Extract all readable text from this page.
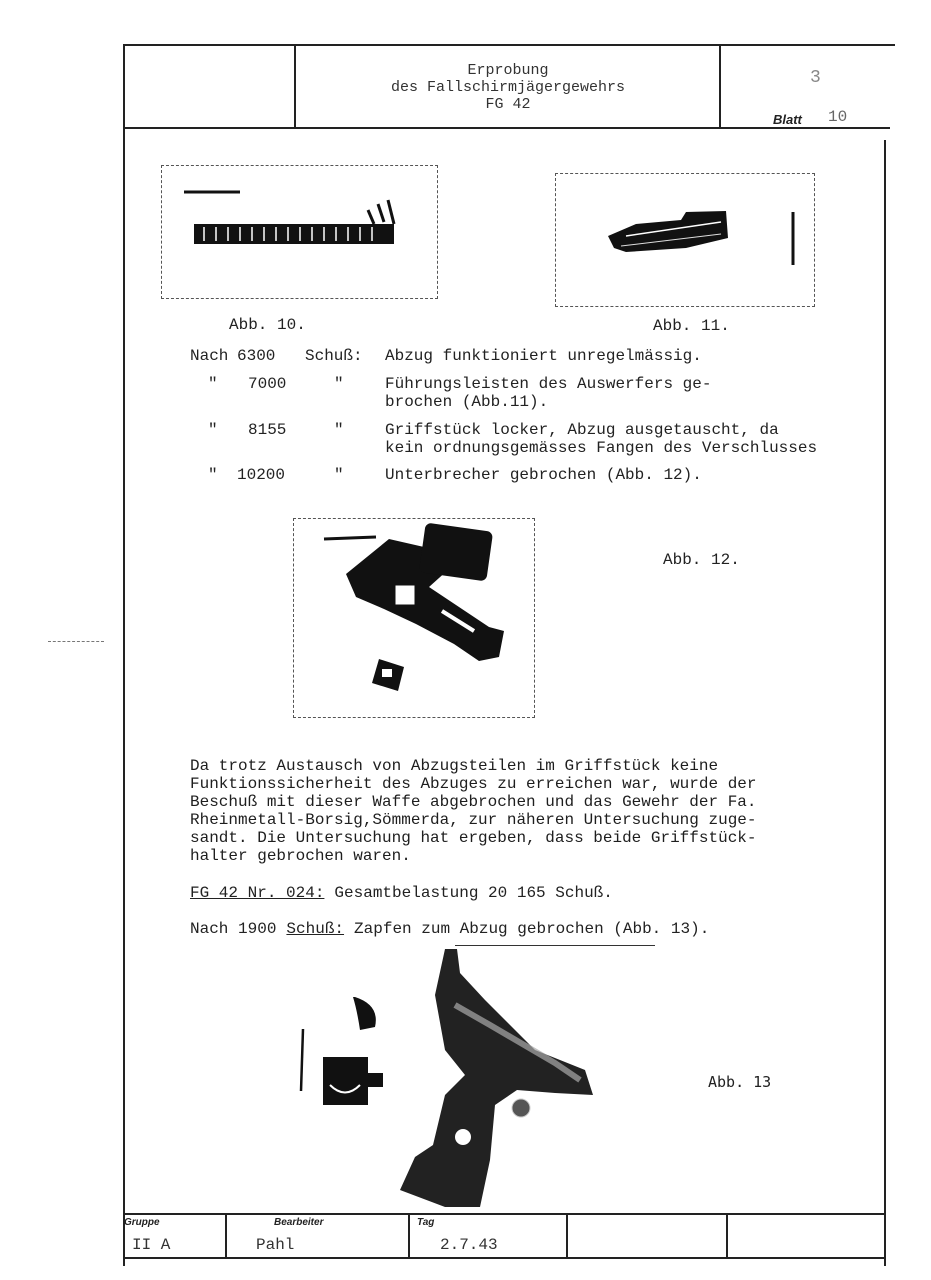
Erprobung
des Fallschirmjägergewehrs
FG 42
3
Blatt 10
Abb. 10.	Abb. 11.
Nach 6300 Schuß: Abzug funktioniert unregelmässig.
" 7000	"	Führungsleisten des Auswerfers ge-
brochen (Abb.11).
" 8155	"	Griffstück locker, Abzug ausgetauscht, da
kein ordnungsgemässes Fangen des Verschlusses
" 10200	"	Unterbrecher gebrochen (Abb. 12).
Abb. 12.
Da trotz Austausch von Abzugsteilen im Griffstück keine
Funktionssicherheit des Abzuges zu erreichen war, wurde der
Beschuß mit dieser Waffe abgebrochen und das Gewehr der Fa.
Rheinmetall-Borsig,Sömmerda, zur näheren Untersuchung zuge-
sandt. Die Untersuchung hat ergeben, dass beide Griffstück-
halter gebrochen waren.
FG 42 Nr. 024: Gesamtbelastung 20 165 Schuß.
Nach 1900 Schuß: Zapfen zum Abzug gebrochen (Abb. 13).
Abb. 13
Gruppe
II A
Bearbeiter
Pahl
Tag
2.7.43
